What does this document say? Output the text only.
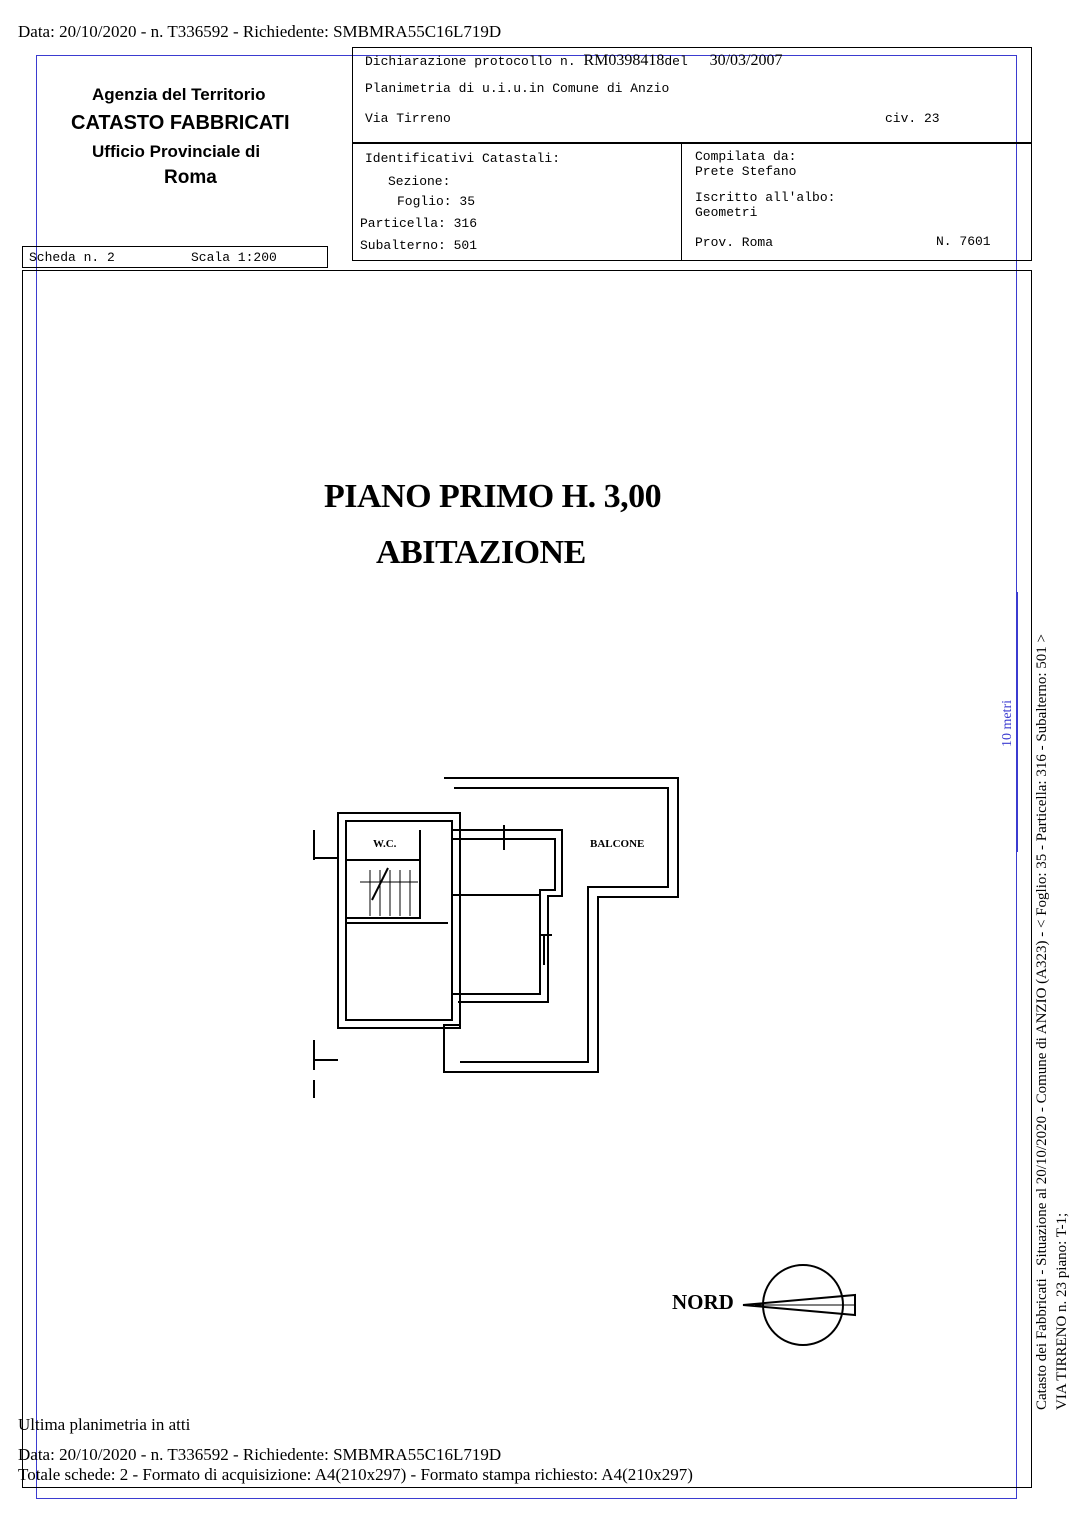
Data: 20/10/2020 - n. T336592 - Richiedente: SMBMRA55C16L719D
Scheda n. 2	Scala 1:200
Dichiarazione protocollo n. RM0398418del 30/03/2007
Planimetria di u.i.u.in Comune di Anzio
Via Tirreno	civ. 23
Identificativi Catastali:
Sezione:
Foglio: 35
Particella: 316
Subalterno: 501
Compilata da:
Prete Stefano
Iscritto all'albo:
Geometri
Prov. Roma	N. 7601
Agenzia del Territorio
CATASTO FABBRICATI
Ufficio Provinciale di
Roma
PIANO PRIMO H. 3,00
ABITAZIONE
W.C.	BALCONE
NORD
10 metri Catasto dei Fabbricati - Situazione al 20/10/2020 - Comune di ANZIO (A323) - < Foglio: 35 - Particella: 316 - Subalterno: 501 > VIA TIRRENO n. 23 piano: T-1;
Ultima planimetria in atti
Data: 20/10/2020 - n. T336592 - Richiedente: SMBMRA55C16L719D
Totale schede: 2 - Formato di acquisizione: A4(210x297) - Formato stampa richiesto: A4(210x297)
